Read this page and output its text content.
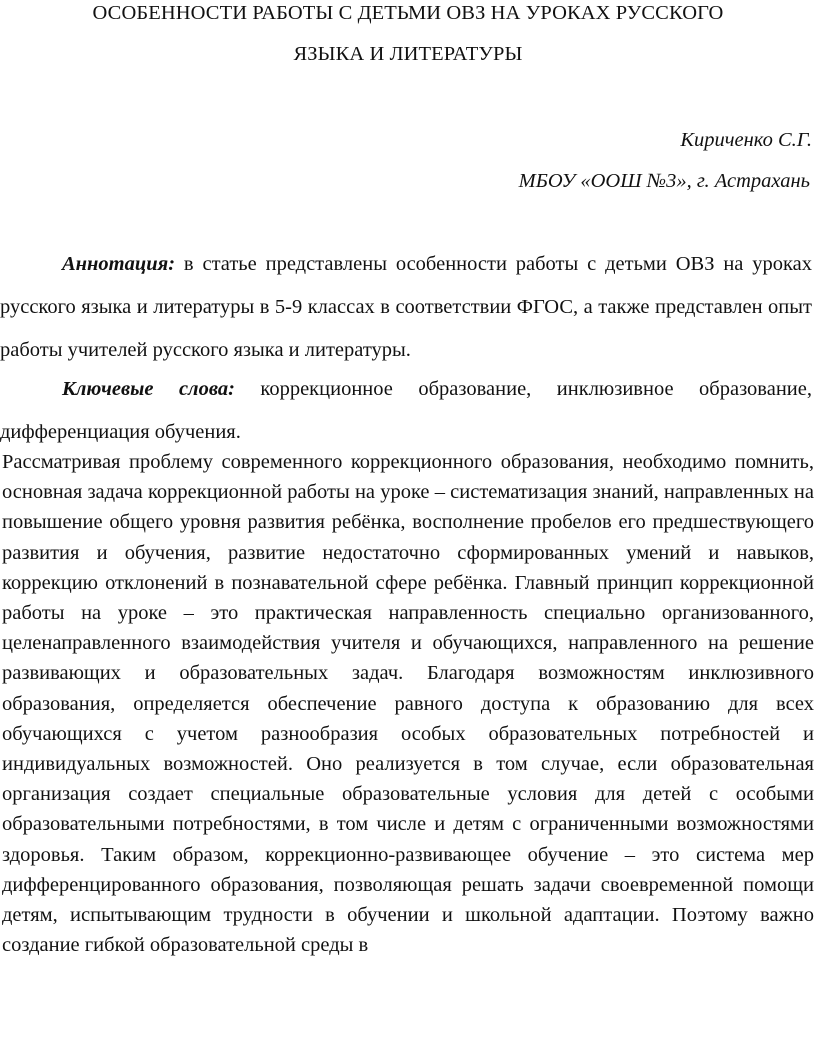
ОСОБЕННОСТИ РАБОТЫ С ДЕТЬМИ ОВЗ НА УРОКАХ РУССКОГО
ЯЗЫКА И ЛИТЕРАТУРЫ
Кириченко С.Г.
МБОУ «ООШ №3», г. Астрахань

Аннотация: в статье представлены особенности работы с детьми ОВЗ на уроках русского языка и литературы в 5-9 классах в соответствии ФГОС, а также представлен опыт работы учителей русского языка и литературы.

Ключевые слова: коррекционное образование, инклюзивное образование, дифференциация обучения.

Рассматривая проблему современного коррекционного образования, необходимо помнить, основная задача коррекционной работы на уроке – систематизация знаний, направленных на повышение общего уровня развития ребёнка, восполнение пробелов его предшествующего развития и обучения, развитие недостаточно сформированных умений и навыков, коррекцию отклонений в познавательной сфере ребёнка. Главный принцип коррекционной работы на уроке – это практическая направленность специально организованного, целенаправленного взаимодействия учителя и обучающихся, направленного на решение развивающих и образовательных задач. Благодаря возможностям инклюзивного образования, определяется обеспечение равного доступа к образованию для всех обучающихся с учетом разнообразия особых образовательных потребностей и индивидуальных возможностей. Оно реализуется в том случае, если образовательная организация создает специальные образовательные условия для детей с особыми образовательными потребностями, в том числе и детям с ограниченными возможностями здоровья. Таким образом, коррекционно-развивающее обучение – это система мер дифференцированного образования, позволяющая решать задачи своевременной помощи детям, испытывающим трудности в обучении и школьной адаптации. Поэтому важно создание гибкой образовательной среды в
